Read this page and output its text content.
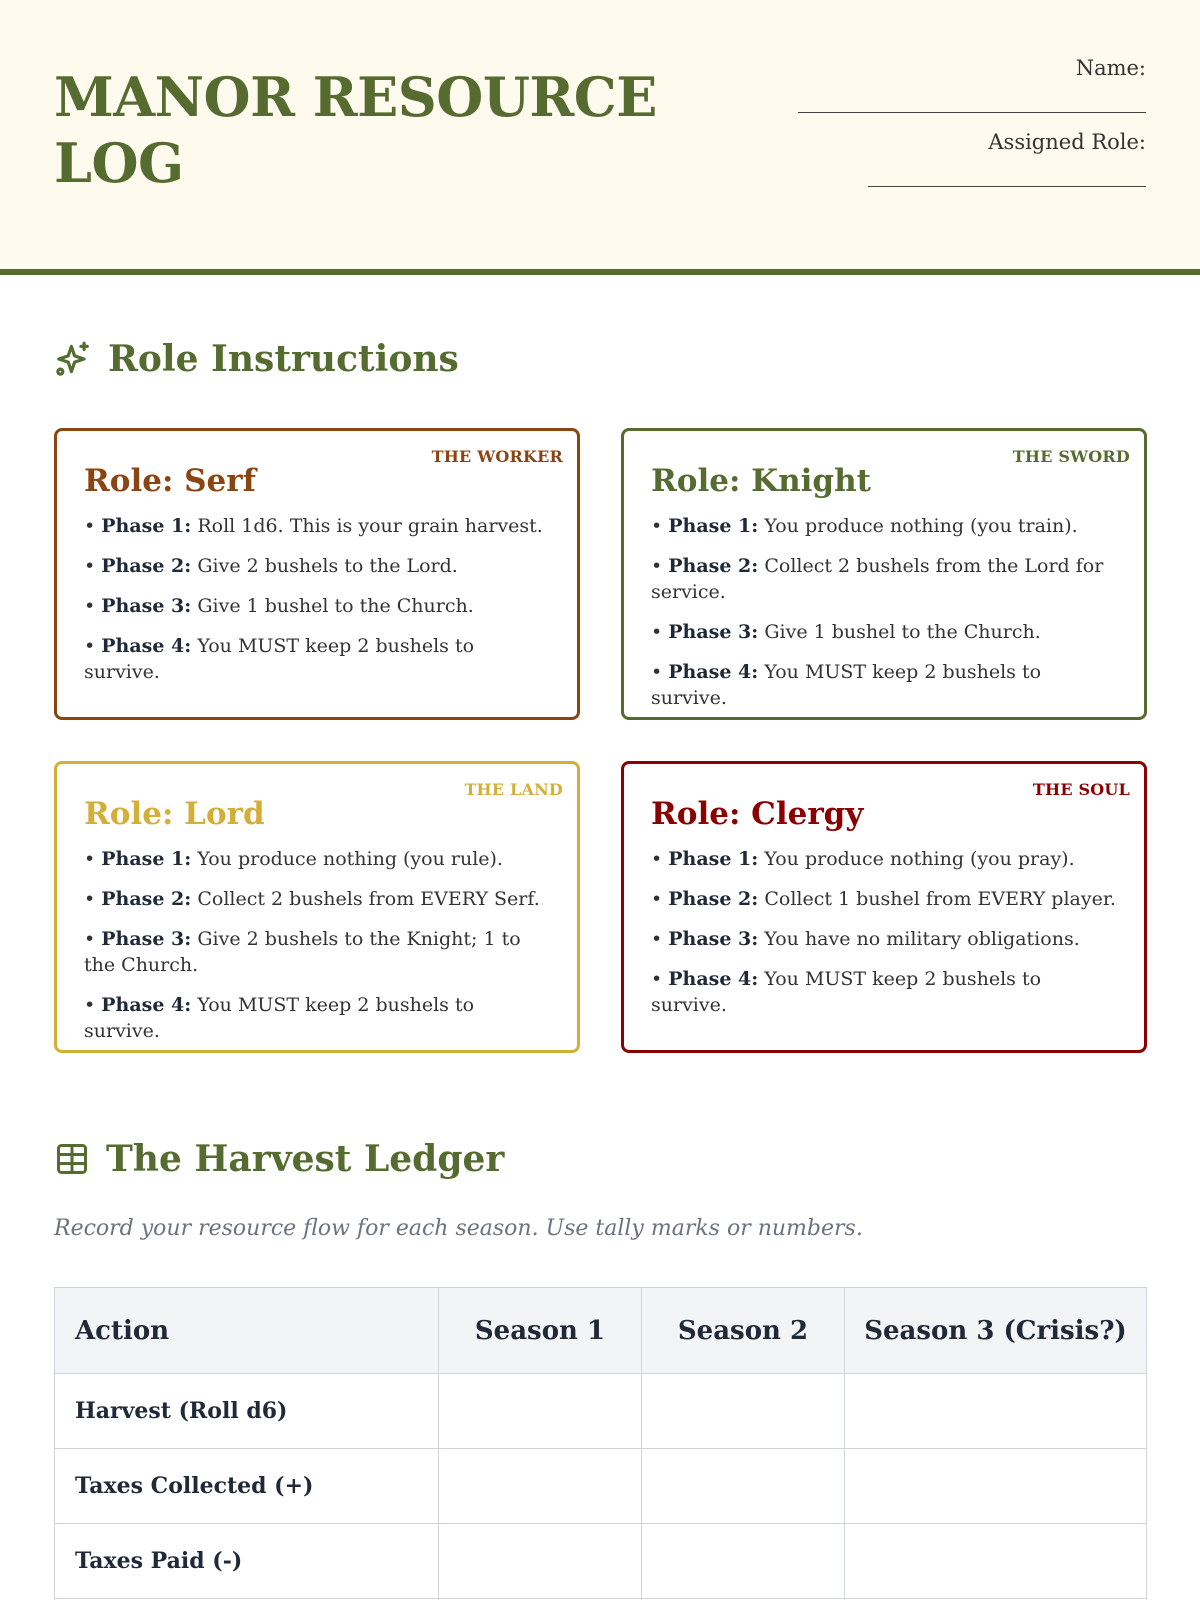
MANOR RESOURCE LOG
Name:
Assigned Role:
Role Instructions
THE WORKER
Role: Serf
• Phase 1: Roll 1d6. This is your grain harvest.
• Phase 2: Give 2 bushels to the Lord.
• Phase 3: Give 1 bushel to the Church.
• Phase 4: You MUST keep 2 bushels to survive.
THE SWORD
Role: Knight
• Phase 1: You produce nothing (you train).
• Phase 2: Collect 2 bushels from the Lord for service.
• Phase 3: Give 1 bushel to the Church.
• Phase 4: You MUST keep 2 bushels to survive.
THE LAND
Role: Lord
• Phase 1: You produce nothing (you rule).
• Phase 2: Collect 2 bushels from EVERY Serf.
• Phase 3: Give 2 bushels to the Knight; 1 to the Church.
• Phase 4: You MUST keep 2 bushels to survive.
THE SOUL
Role: Clergy
• Phase 1: You produce nothing (you pray).
• Phase 2: Collect 1 bushel from EVERY player.
• Phase 3: You have no military obligations.
• Phase 4: You MUST keep 2 bushels to survive.
The Harvest Ledger
Record your resource flow for each season. Use tally marks or numbers.
Action	Season 1	Season 2	Season 3 (Crisis?)
Harvest (Roll d6)			
Taxes Collected (+)			
Taxes Paid (-)			
